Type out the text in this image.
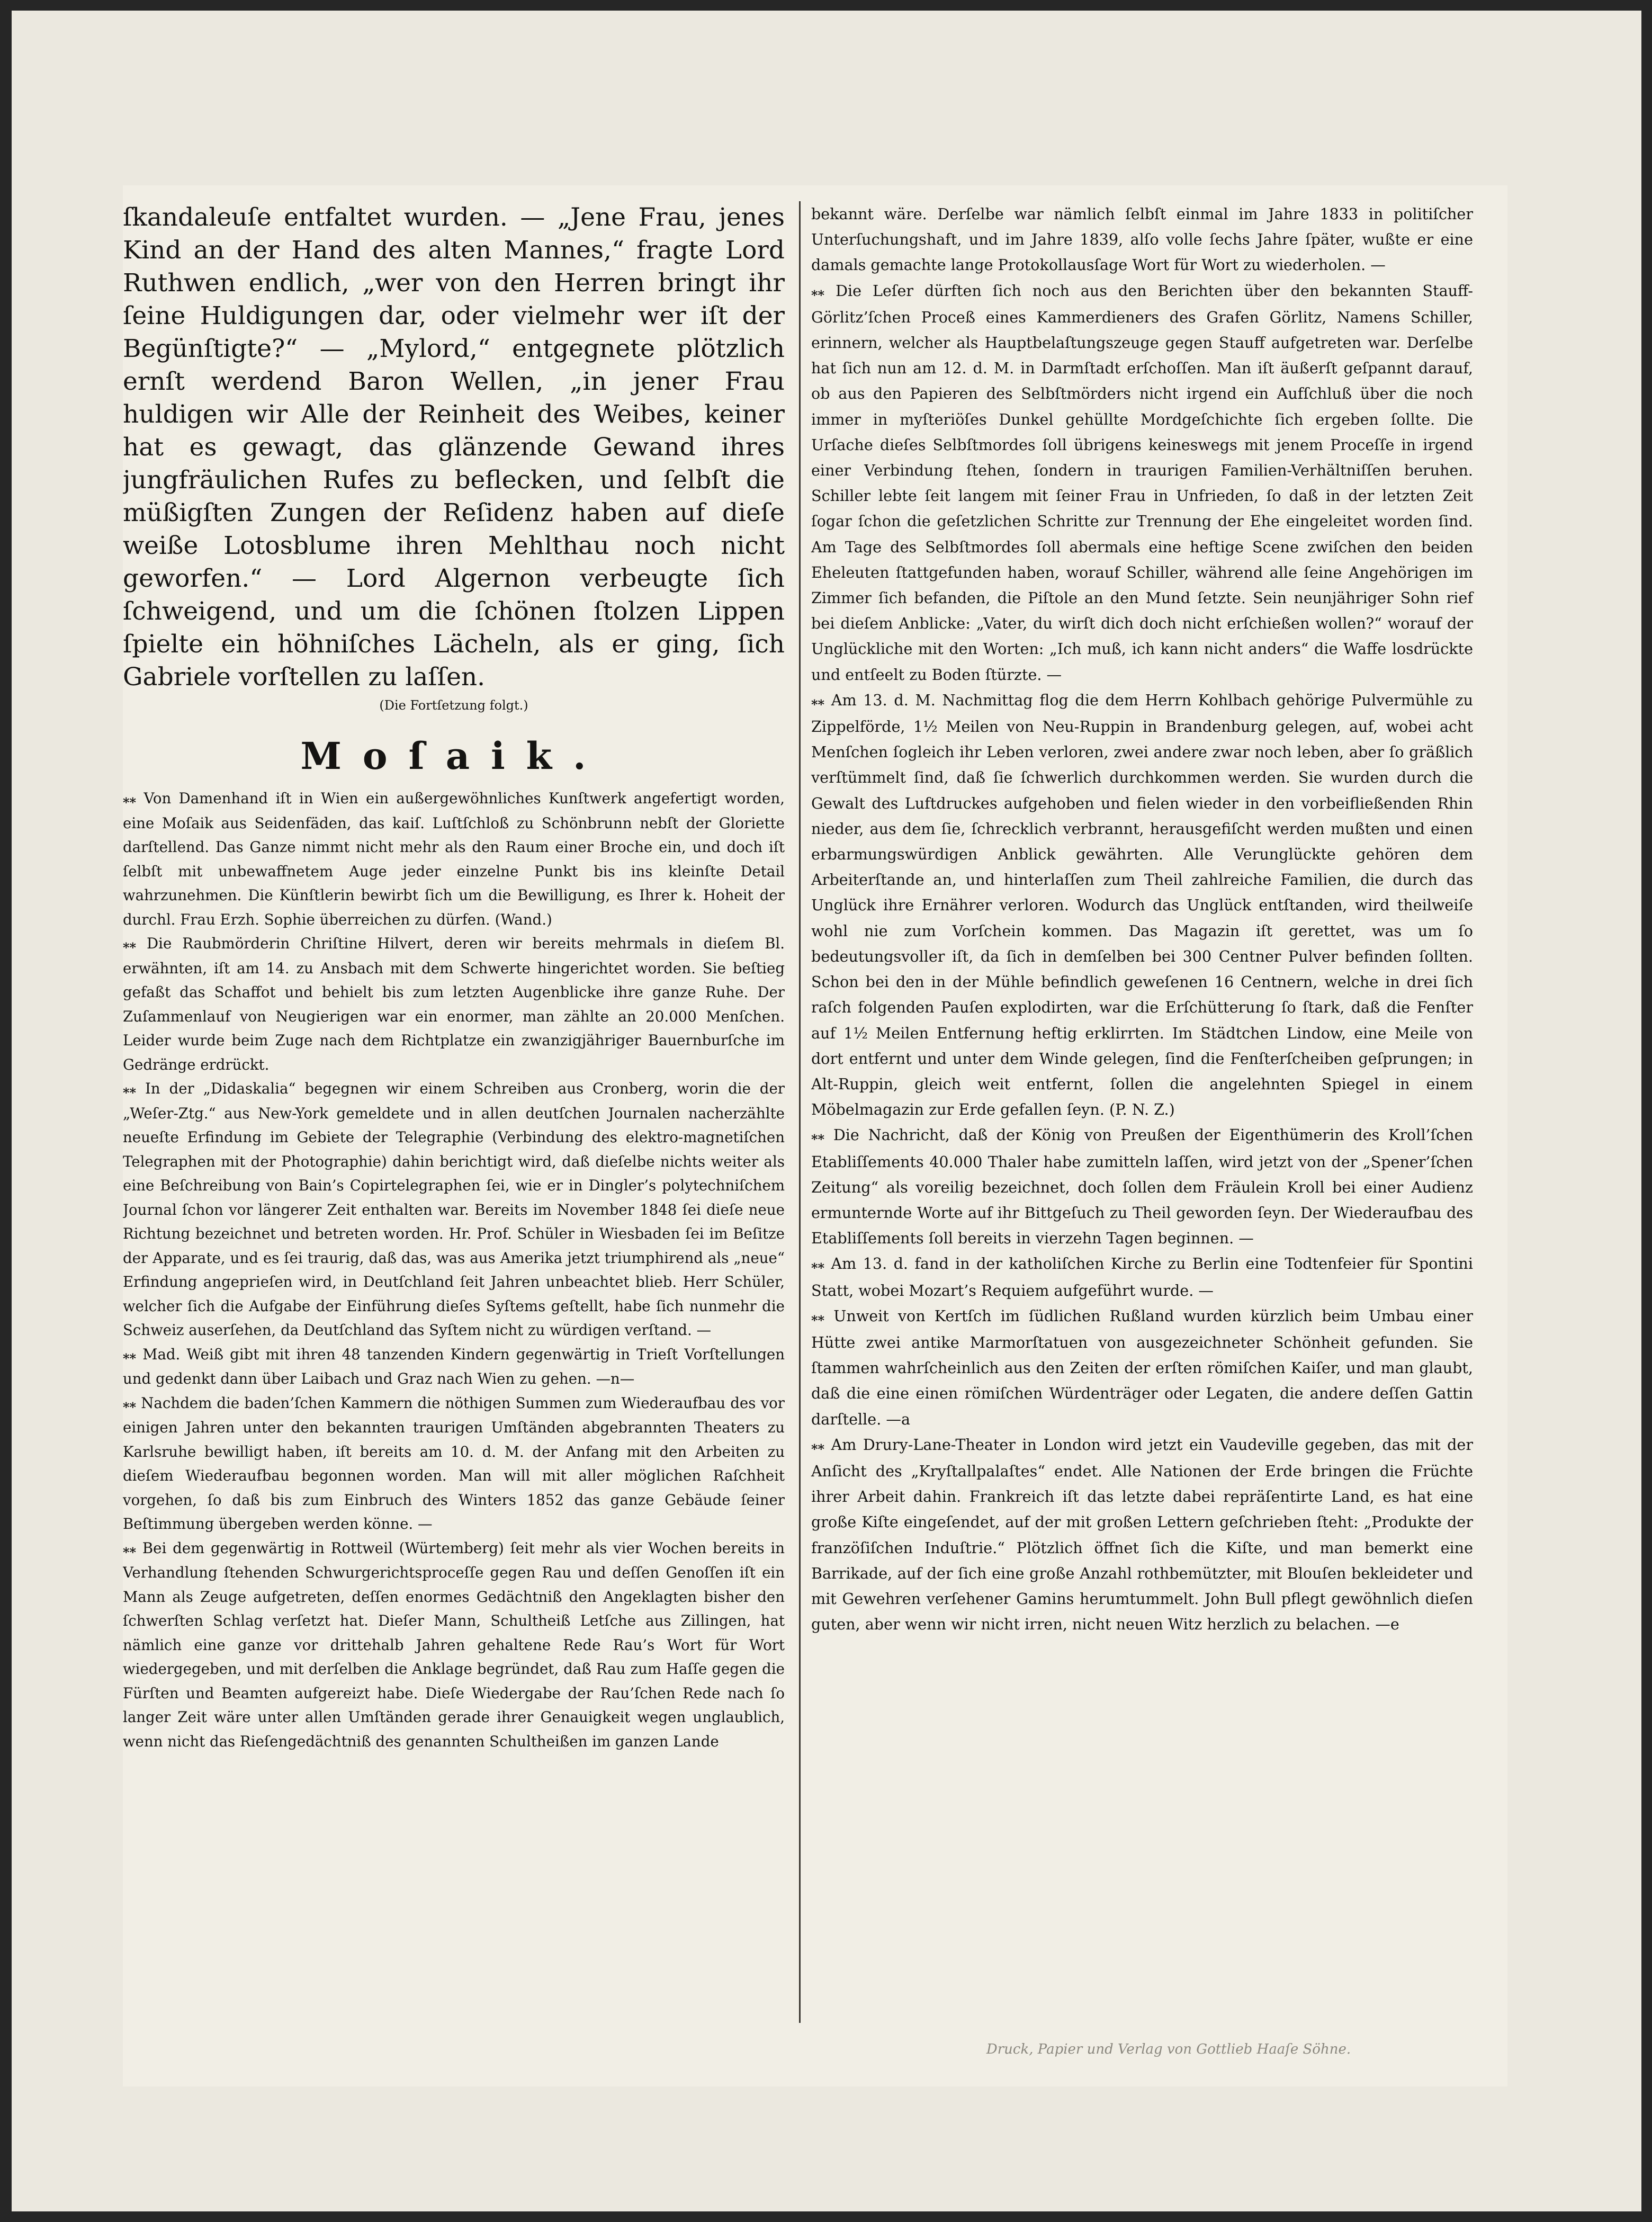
ſkandaleuſe entfaltet wurden. — „Jene Frau, jenes Kind an der Hand des alten Mannes,“ fragte Lord Ruthwen endlich, „wer von den Herren bringt ihr ſeine Huldigungen dar, oder vielmehr wer iſt der Begünſtigte?“ — „Mylord,“ entgegnete plötzlich ernſt werdend Baron Wellen, „in jener Frau huldigen wir Alle der Reinheit des Weibes, keiner hat es gewagt, das glänzende Gewand ihres jungfräulichen Rufes zu beflecken, und ſelbſt die müßigſten Zungen der Reſidenz haben auf dieſe weiße Lotosblume ihren Mehlthau noch nicht geworfen.“ — Lord Algernon verbeugte ſich ſchweigend, und um die ſchönen ſtolzen Lippen ſpielte ein höhniſches Lächeln, als er ging, ſich Gabriele vorſtellen zu laſſen.

(Die Fortſetzung folgt.)
Moſaik.

⁎⁎ Von Damenhand iſt in Wien ein außergewöhnliches Kunſtwerk angefertigt worden, eine Moſaik aus Seidenfäden, das kaiſ. Luſtſchloß zu Schönbrunn nebſt der Gloriette darſtellend. Das Ganze nimmt nicht mehr als den Raum einer Broche ein, und doch iſt ſelbſt mit unbewaffnetem Auge jeder einzelne Punkt bis ins kleinſte Detail wahrzunehmen. Die Künſtlerin bewirbt ſich um die Bewilligung, es Ihrer k. Hoheit der durchl. Frau Erzh. Sophie überreichen zu dürfen. (Wand.)

⁎⁎ Die Raubmörderin Chriſtine Hilvert, deren wir bereits mehrmals in dieſem Bl. erwähnten, iſt am 14. zu Ansbach mit dem Schwerte hingerichtet worden. Sie beſtieg gefaßt das Schaffot und behielt bis zum letzten Augenblicke ihre ganze Ruhe. Der Zuſammenlauf von Neugierigen war ein enormer, man zählte an 20.000 Menſchen. Leider wurde beim Zuge nach dem Richtplatze ein zwanzigjähriger Bauernburſche im Gedränge erdrückt.

⁎⁎ In der „Didaskalia“ begegnen wir einem Schreiben aus Cronberg, worin die der „Weſer-Ztg.“ aus New-York gemeldete und in allen deutſchen Journalen nacherzählte neueſte Erfindung im Gebiete der Telegraphie (Verbindung des elektro-magnetiſchen Telegraphen mit der Photographie) dahin berichtigt wird, daß dieſelbe nichts weiter als eine Beſchreibung von Bain’s Copirtelegraphen ſei, wie er in Dingler’s polytechniſchem Journal ſchon vor längerer Zeit enthalten war. Bereits im November 1848 ſei dieſe neue Richtung bezeichnet und betreten worden. Hr. Prof. Schüler in Wiesbaden ſei im Beſitze der Apparate, und es ſei traurig, daß das, was aus Amerika jetzt triumphirend als „neue“ Erfindung angeprieſen wird, in Deutſchland ſeit Jahren unbeachtet blieb. Herr Schüler, welcher ſich die Aufgabe der Einführung dieſes Syſtems geſtellt, habe ſich nunmehr die Schweiz auserſehen, da Deutſchland das Syſtem nicht zu würdigen verſtand. —

⁎⁎ Mad. Weiß gibt mit ihren 48 tanzenden Kindern gegenwärtig in Trieſt Vorſtellungen und gedenkt dann über Laibach und Graz nach Wien zu gehen. —n—

⁎⁎ Nachdem die baden’ſchen Kammern die nöthigen Summen zum Wiederaufbau des vor einigen Jahren unter den bekannten traurigen Umſtänden abgebrannten Theaters zu Karlsruhe bewilligt haben, iſt bereits am 10. d. M. der Anfang mit den Arbeiten zu dieſem Wiederaufbau begonnen worden. Man will mit aller möglichen Raſchheit vorgehen, ſo daß bis zum Einbruch des Winters 1852 das ganze Gebäude ſeiner Beſtimmung übergeben werden könne. —

⁎⁎ Bei dem gegenwärtig in Rottweil (Würtemberg) ſeit mehr als vier Wochen bereits in Verhandlung ſtehenden Schwurgerichtsproceſſe gegen Rau und deſſen Genoſſen iſt ein Mann als Zeuge aufgetreten, deſſen enormes Gedächtniß den Angeklagten bisher den ſchwerſten Schlag verſetzt hat. Dieſer Mann, Schultheiß Letſche aus Zillingen, hat nämlich eine ganze vor drittehalb Jahren gehaltene Rede Rau’s Wort für Wort wiedergegeben, und mit derſelben die Anklage begründet, daß Rau zum Haſſe gegen die Fürſten und Beamten aufgereizt habe. Dieſe Wiedergabe der Rau’ſchen Rede nach ſo langer Zeit wäre unter allen Umſtänden gerade ihrer Genauigkeit wegen unglaublich, wenn nicht das Rieſengedächtniß des genannten Schultheißen im ganzen Lande

bekannt wäre. Derſelbe war nämlich ſelbſt einmal im Jahre 1833 in politiſcher Unterſuchungshaft, und im Jahre 1839, alſo volle ſechs Jahre ſpäter, wußte er eine damals gemachte lange Protokollausſage Wort für Wort zu wiederholen. —

⁎⁎ Die Leſer dürften ſich noch aus den Berichten über den bekannten Stauff-Görlitz’ſchen Proceß eines Kammerdieners des Grafen Görlitz, Namens Schiller, erinnern, welcher als Hauptbelaſtungszeuge gegen Stauff aufgetreten war. Derſelbe hat ſich nun am 12. d. M. in Darmſtadt erſchoſſen. Man iſt äußerſt geſpannt darauf, ob aus den Papieren des Selbſtmörders nicht irgend ein Aufſchluß über die noch immer in myſteriöſes Dunkel gehüllte Mordgeſchichte ſich ergeben ſollte. Die Urſache dieſes Selbſtmordes ſoll übrigens keineswegs mit jenem Proceſſe in irgend einer Verbindung ſtehen, ſondern in traurigen Familien-Verhältniſſen beruhen. Schiller lebte ſeit langem mit ſeiner Frau in Unfrieden, ſo daß in der letzten Zeit ſogar ſchon die geſetzlichen Schritte zur Trennung der Ehe eingeleitet worden ſind. Am Tage des Selbſtmordes ſoll abermals eine heftige Scene zwiſchen den beiden Eheleuten ſtattgefunden haben, worauf Schiller, während alle ſeine Angehörigen im Zimmer ſich befanden, die Piſtole an den Mund ſetzte. Sein neunjähriger Sohn rief bei dieſem Anblicke: „Vater, du wirſt dich doch nicht erſchießen wollen?“ worauf der Unglückliche mit den Worten: „Ich muß, ich kann nicht anders“ die Waffe losdrückte und entſeelt zu Boden ſtürzte. —

⁎⁎ Am 13. d. M. Nachmittag flog die dem Herrn Kohlbach gehörige Pulvermühle zu Zippelförde, 1½ Meilen von Neu-Ruppin in Brandenburg gelegen, auf, wobei acht Menſchen ſogleich ihr Leben verloren, zwei andere zwar noch leben, aber ſo gräßlich verſtümmelt ſind, daß ſie ſchwerlich durchkommen werden. Sie wurden durch die Gewalt des Luftdruckes aufgehoben und fielen wieder in den vorbeifließenden Rhin nieder, aus dem ſie, ſchrecklich verbrannt, herausgefiſcht werden mußten und einen erbarmungswürdigen Anblick gewährten. Alle Verunglückte gehören dem Arbeiterſtande an, und hinterlaſſen zum Theil zahlreiche Familien, die durch das Unglück ihre Ernährer verloren. Wodurch das Unglück entſtanden, wird theilweiſe wohl nie zum Vorſchein kommen. Das Magazin iſt gerettet, was um ſo bedeutungsvoller iſt, da ſich in demſelben bei 300 Centner Pulver befinden ſollten. Schon bei den in der Mühle befindlich geweſenen 16 Centnern, welche in drei ſich raſch folgenden Pauſen explodirten, war die Erſchütterung ſo ſtark, daß die Fenſter auf 1½ Meilen Entfernung heftig erklirrten. Im Städtchen Lindow, eine Meile von dort entfernt und unter dem Winde gelegen, ſind die Fenſterſcheiben geſprungen; in Alt-Ruppin, gleich weit entfernt, ſollen die angelehnten Spiegel in einem Möbelmagazin zur Erde gefallen ſeyn. (P. N. Z.)

⁎⁎ Die Nachricht, daß der König von Preußen der Eigenthümerin des Kroll’ſchen Etabliſſements 40.000 Thaler habe zumitteln laſſen, wird jetzt von der „Spener’ſchen Zeitung“ als voreilig bezeichnet, doch ſollen dem Fräulein Kroll bei einer Audienz ermunternde Worte auf ihr Bittgeſuch zu Theil geworden ſeyn. Der Wiederaufbau des Etabliſſements ſoll bereits in vierzehn Tagen beginnen. —

⁎⁎ Am 13. d. fand in der katholiſchen Kirche zu Berlin eine Todtenfeier für Spontini Statt, wobei Mozart’s Requiem aufgeführt wurde. —

⁎⁎ Unweit von Kertſch im ſüdlichen Rußland wurden kürzlich beim Umbau einer Hütte zwei antike Marmorſtatuen von ausgezeichneter Schönheit gefunden. Sie ſtammen wahrſcheinlich aus den Zeiten der erſten römiſchen Kaiſer, und man glaubt, daß die eine einen römiſchen Würdenträger oder Legaten, die andere deſſen Gattin darſtelle. —a

⁎⁎ Am Drury-Lane-Theater in London wird jetzt ein Vaudeville gegeben, das mit der Anſicht des „Kryſtallpalaſtes“ endet. Alle Nationen der Erde bringen die Früchte ihrer Arbeit dahin. Frankreich iſt das letzte dabei repräſentirte Land, es hat eine große Kiſte eingeſendet, auf der mit großen Lettern geſchrieben ſteht: „Produkte der franzöſiſchen Induſtrie.“ Plötzlich öffnet ſich die Kiſte, und man bemerkt eine Barrikade, auf der ſich eine große Anzahl rothbemützter, mit Blouſen bekleideter und mit Gewehren verſehener Gamins herumtummelt. John Bull pflegt gewöhnlich dieſen guten, aber wenn wir nicht irren, nicht neuen Witz herzlich zu belachen. —e

Druck, Papier und Verlag von Gottlieb Haaſe Söhne.
